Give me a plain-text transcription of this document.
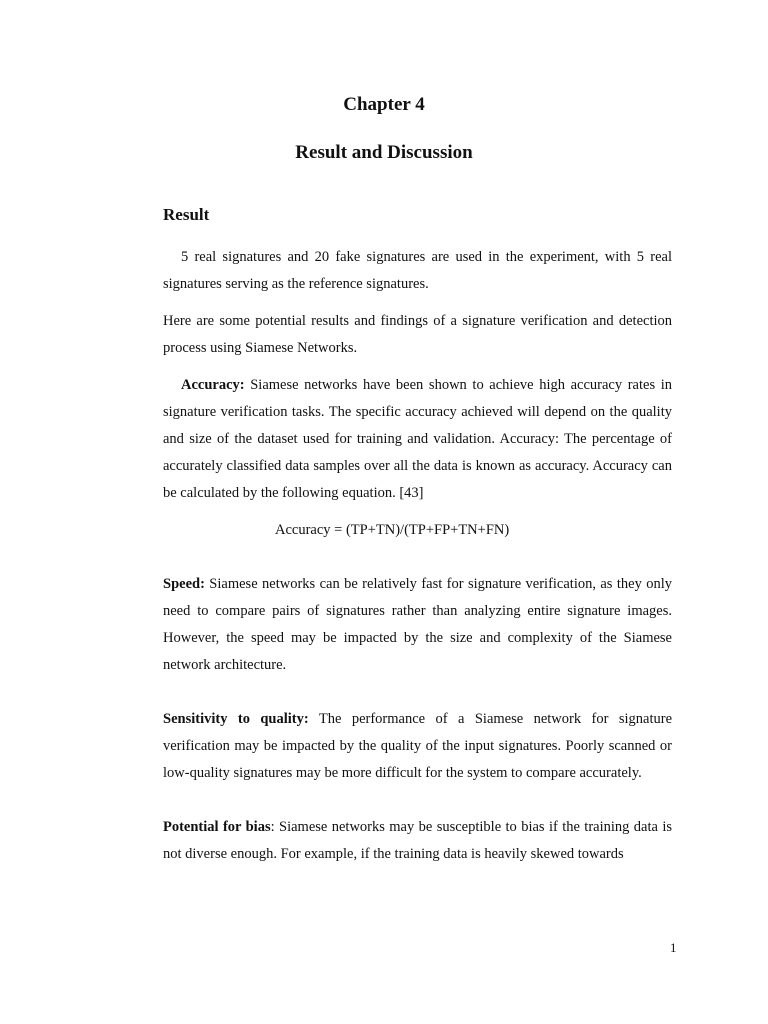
Chapter 4
Result and Discussion
Result

5 real signatures and 20 fake signatures are used in the experiment, with 5 real signatures serving as the reference signatures.

Here are some potential results and findings of a signature verification and detection process using Siamese Networks.

Accuracy: Siamese networks have been shown to achieve high accuracy rates in signature verification tasks. The specific accuracy achieved will depend on the quality and size of the dataset used for training and validation. Accuracy: The percentage of accurately classified data samples over all the data is known as accuracy. Accuracy can be calculated by the following equation. [43]

Accuracy = (TP+TN)/(TP+FP+TN+FN)

Speed: Siamese networks can be relatively fast for signature verification, as they only need to compare pairs of signatures rather than analyzing entire signature images. However, the speed may be impacted by the size and complexity of the Siamese network architecture.

Sensitivity to quality: The performance of a Siamese network for signature verification may be impacted by the quality of the input signatures. Poorly scanned or low-quality signatures may be more difficult for the system to compare accurately.

Potential for bias: Siamese networks may be susceptible to bias if the training data is not diverse enough. For example, if the training data is heavily skewed towards

1
